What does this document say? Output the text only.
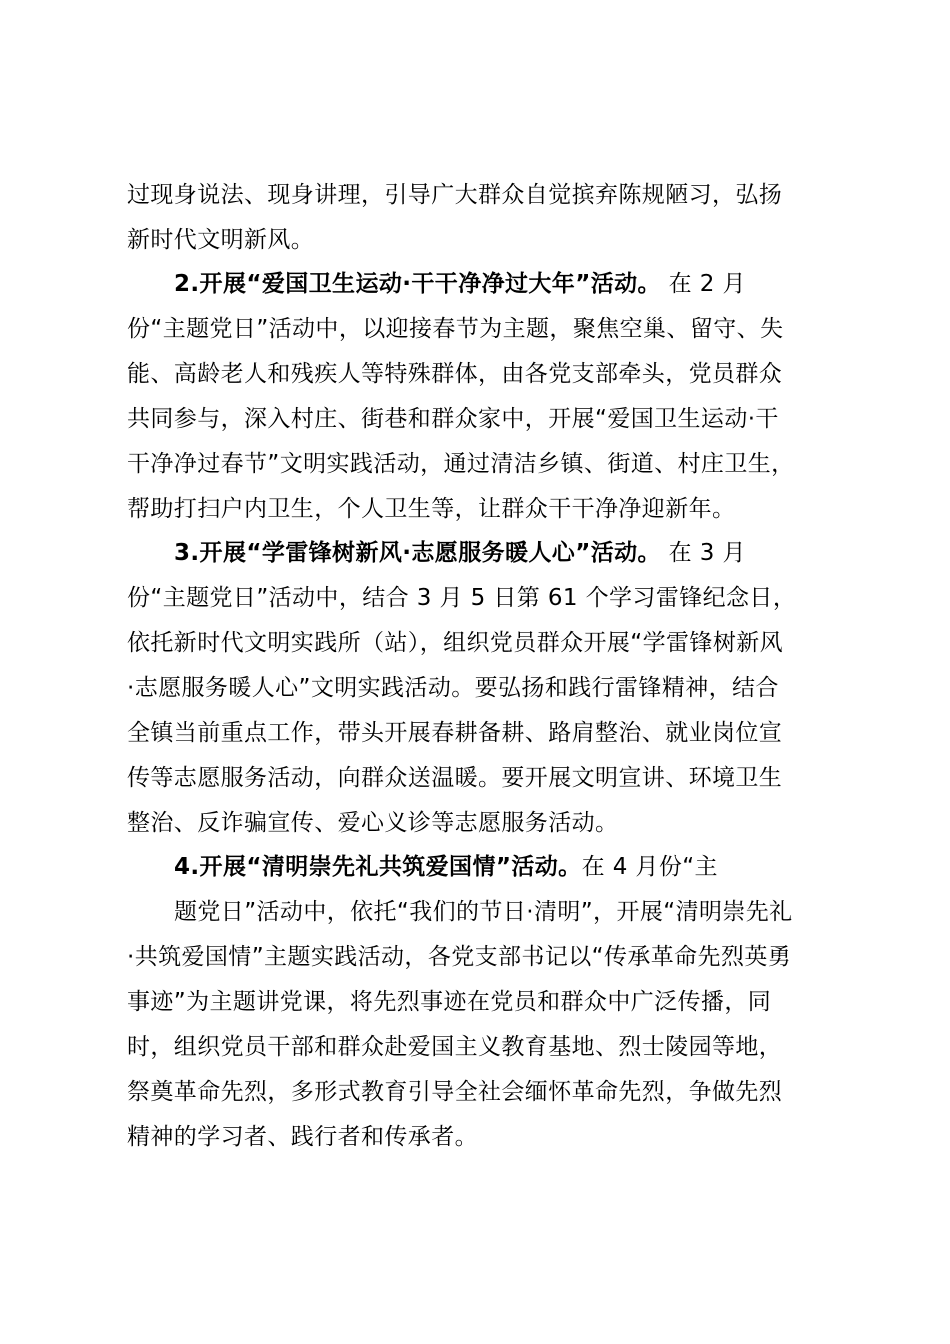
过现身说法、现身讲理，引导广大群众自觉摈弃陈规陋习，弘扬
新时代文明新风。
2.开展“爱国卫生运动·干干净净过大年”活动。 在 2 月
份“主题党日”活动中，以迎接春节为主题，聚焦空巢、留守、失
能、高龄老人和残疾人等特殊群体，由各党支部牵头，党员群众
共同参与，深入村庄、街巷和群众家中，开展“爱国卫生运动·干
干净净过春节”文明实践活动，通过清洁乡镇、街道、村庄卫生，
帮助打扫户内卫生，个人卫生等，让群众干干净净迎新年。
3.开展“学雷锋树新风·志愿服务暖人心”活动。 在 3 月
份“主题党日”活动中，结合 3 月 5 日第 61 个学习雷锋纪念日，
依托新时代文明实践所（站），组织党员群众开展“学雷锋树新风
·志愿服务暖人心”文明实践活动。要弘扬和践行雷锋精神，结合
全镇当前重点工作，带头开展春耕备耕、路肩整治、就业岗位宣
传等志愿服务活动，向群众送温暖。要开展文明宣讲、环境卫生
整治、反诈骗宣传、爱心义诊等志愿服务活动。
4.开展“清明崇先礼共筑爱国情”活动。在 4 月份“主
题党日”活动中，依托“我们的节日·清明”，开展“清明崇先礼
·共筑爱国情”主题实践活动，各党支部书记以“传承革命先烈英勇
事迹”为主题讲党课，将先烈事迹在党员和群众中广泛传播，同
时，组织党员干部和群众赴爱国主义教育基地、烈士陵园等地，
祭奠革命先烈，多形式教育引导全社会缅怀革命先烈，争做先烈
精神的学习者、践行者和传承者。
